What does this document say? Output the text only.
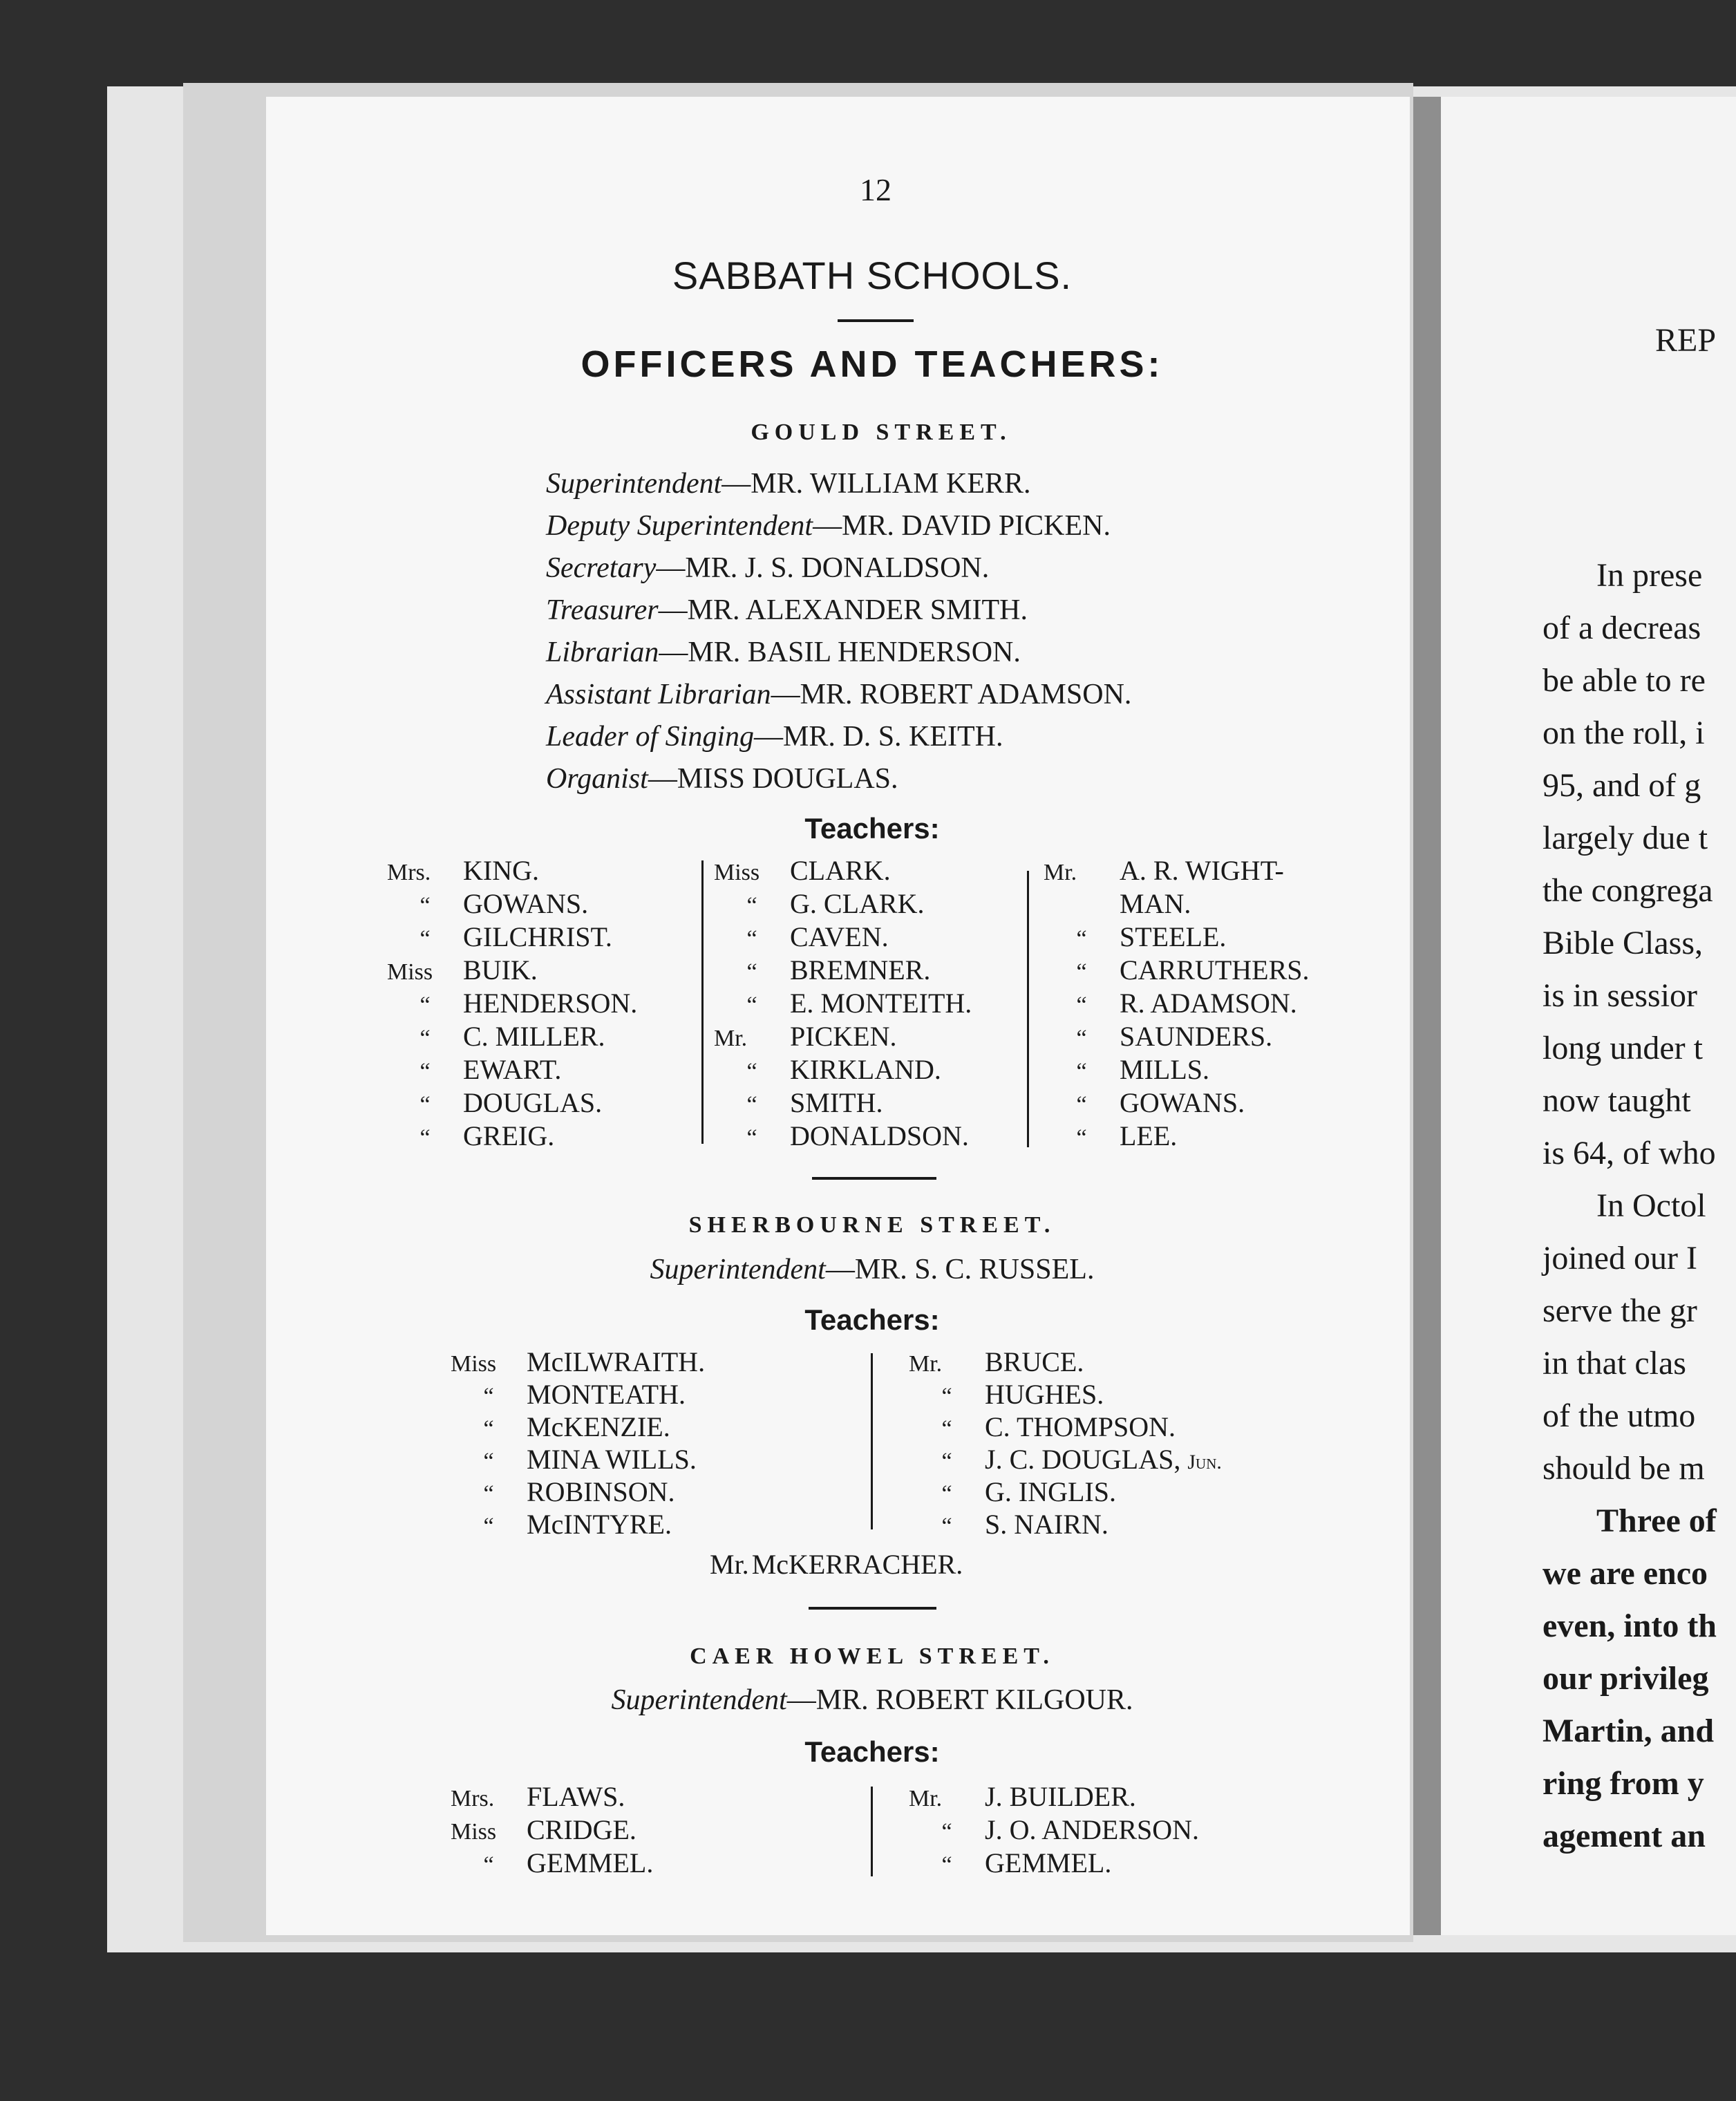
12
SABBATH SCHOOLS.
OFFICERS AND TEACHERS:
GOULD STREET.
Superintendent—MR. WILLIAM KERR.
Deputy Superintendent—MR. DAVID PICKEN.
Secretary—MR. J. S. DONALDSON.
Treasurer—MR. ALEXANDER SMITH.
Librarian—MR. BASIL HENDERSON.
Assistant Librarian—MR. ROBERT ADAMSON.
Leader of Singing—MR. D. S. KEITH.
Organist—MISS DOUGLAS.
Teachers:
Mrs.	KING.
“	GOWANS.
“	GILCHRIST.
Miss	BUIK.
“	HENDERSON.
“	C. MILLER.
“	EWART.
“	DOUGLAS.
“	GREIG.
Miss	CLARK.
“	G. CLARK.
“	CAVEN.
“	BREMNER.
“	E. MONTEITH.
Mr.	PICKEN.
“	KIRKLAND.
“	SMITH.
“	DONALDSON.
Mr.	A. R. WIGHT-
MAN.
“	STEELE.
“	CARRUTHERS.
“	R. ADAMSON.
“	SAUNDERS.
“	MILLS.
“	GOWANS.
“	LEE.
SHERBOURNE STREET.
Superintendent—MR. S. C. RUSSEL.
Teachers:
Miss	McILWRAITH.
“	MONTEATH.
“	McKENZIE.
“	MINA WILLS.
“	ROBINSON.
“	McINTYRE.
Mr.	BRUCE.
“	HUGHES.
“	C. THOMPSON.
“	J. C. DOUGLAS, Jun.
“	G. INGLIS.
“	S. NAIRN.
Mr. McKERRACHER.
CAER HOWEL STREET.
Superintendent—MR. ROBERT KILGOUR.
Teachers:
Mrs.	FLAWS.
Miss	CRIDGE.
“	GEMMEL.
Mr.	J. BUILDER.
“	J. O. ANDERSON.
“	GEMMEL.
REP
In prese
of a decreas
be able to re
on the roll, i
95, and of g
largely due t
the congrega
Bible Class,
is in sessior
long under t
now taught
is 64, of who
In Octol
joined our I
serve the gr
in that clas
of the utmo
should be m
Three of
we are enco
even, into th
our privileg
Martin, and
ring from y
agement an
